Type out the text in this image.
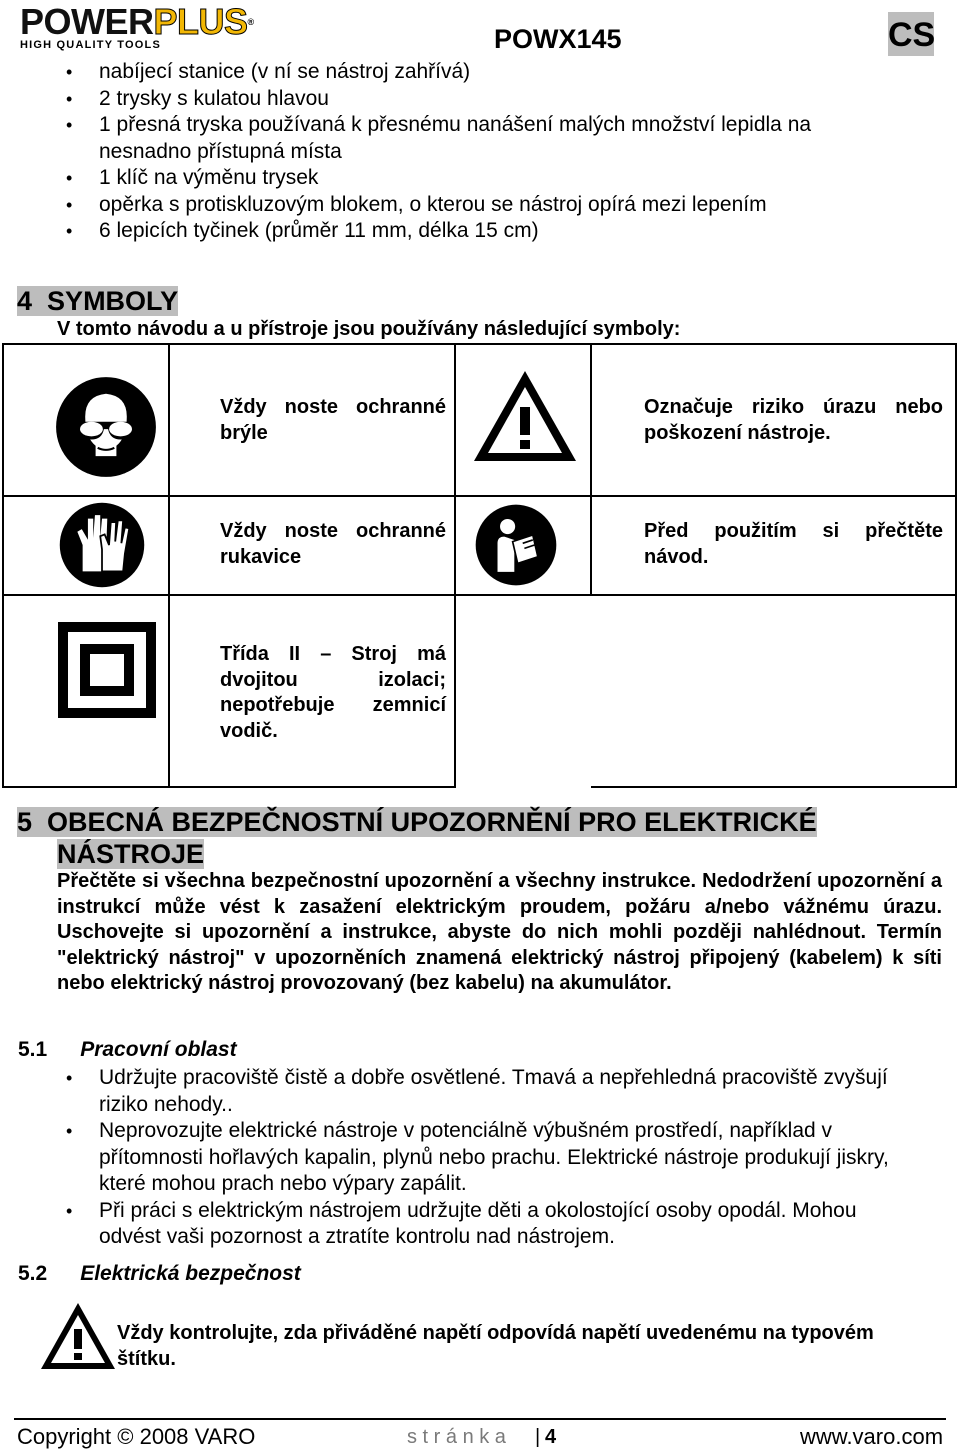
POWERPLUS®
HIGH QUALITY TOOLS	POWX145	CS
• nabíjecí stanice (v ní se nástroj zahřívá)
• 2 trysky s kulatou hlavou
• 1 přesná tryska používaná k přesnému nanášení malých množství lepidla na nesnadno přístupná místa
• 1 klíč na výměnu trysek
• opěrka s protiskluzovým blokem, o kterou se nástroj opírá mezi lepením
• 6 lepicích tyčinek (průměr 11 mm, délka 15 cm)
4 SYMBOLY
V tomto návodu a u přístroje jsou používány následující symboly:

Vždy noste ochranné brýle		Označuje riziko úrazu nebo poškození nástroje.

Vždy noste ochranné rukavice		Před použitím si přečtěte návod.

Třída II – Stroj má dvojitou izolaci; nepotřebuje zemnicí vodič.		

5 OBECNÁ BEZPEČNOSTNÍ UPOZORNĚNÍ PRO ELEKTRICKÉ
NÁSTROJE
Přečtěte si všechna bezpečnostní upozornění a všechny instrukce. Nedodržení upozornění a instrukcí může vést k zasažení elektrickým proudem, požáru a/nebo vážnému úrazu. Uschovejte si upozornění a instrukce, abyste do nich mohli později nahlédnout. Termín "elektrický nástroj" v upozorněních znamená elektrický nástroj připojený (kabelem) k síti nebo elektrický nástroj provozovaný (bez kabelu) na akumulátor.
5.1 Pracovní oblast
• Udržujte pracoviště čistě a dobře osvětlené. Tmavá a nepřehledná pracoviště zvyšují riziko nehody..
• Neprovozujte elektrické nástroje v potenciálně výbušném prostředí, například v přítomnosti hořlavých kapalin, plynů nebo prachu. Elektrické nástroje produkují jiskry, které mohou prach nebo výpary zapálit.
• Při práci s elektrickým nástrojem udržujte děti a okolostojící osoby opodál. Mohou odvést vaši pozornost a ztratíte kontrolu nad nástrojem.
5.2 Elektrická bezpečnost
Vždy kontrolujte, zda přiváděné napětí odpovídá napětí uvedenému na typovém štítku.
Copyright © 2008 VARO	s t r á n k a | 4	www.varo.com
